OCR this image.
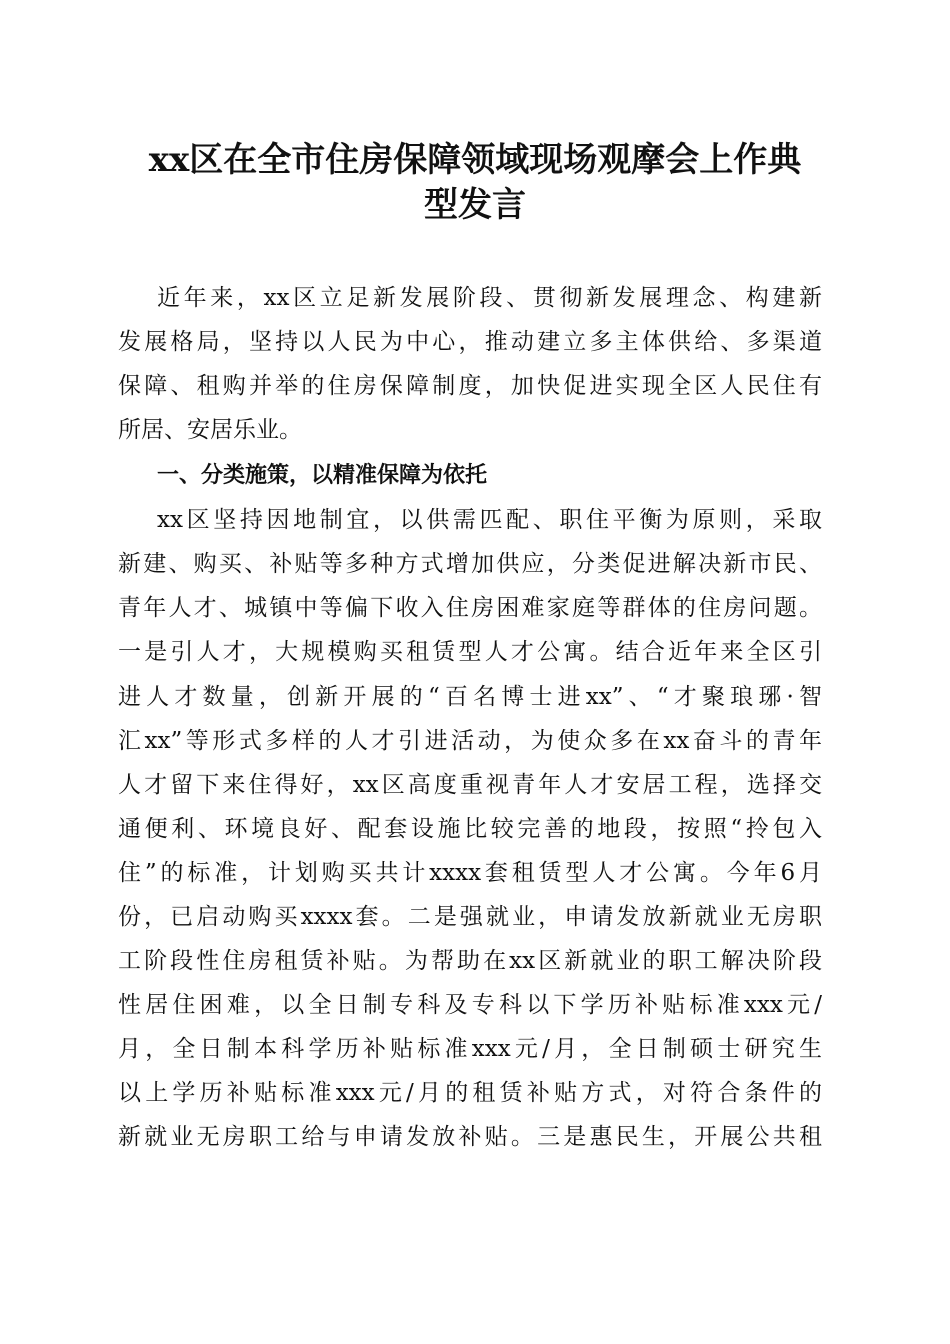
xx区在全市住房保障领域现场观摩会上作典
型发言
近年来，xx区立足新发展阶段、贯彻新发展理念、构建新
发展格局，坚持以人民为中心，推动建立多主体供给、多渠道
保障、租购并举的住房保障制度，加快促进实现全区人民住有
所居、安居乐业。
一、分类施策，以精准保障为依托
xx区坚持因地制宜，以供需匹配、职住平衡为原则，采取
新建、购买、补贴等多种方式增加供应，分类促进解决新市民、
青年人才、城镇中等偏下收入住房困难家庭等群体的住房问题。
一是引人才，大规模购买租赁型人才公寓。结合近年来全区引
进人才数量，创新开展的“百名博士进xx”、“才聚琅琊·智
汇xx”等形式多样的人才引进活动，为使众多在xx奋斗的青年
人才留下来住得好，xx区高度重视青年人才安居工程，选择交
通便利、环境良好、配套设施比较完善的地段，按照“拎包入
住”的标准，计划购买共计xxxx套租赁型人才公寓。今年6月
份，已启动购买xxxx套。二是强就业，申请发放新就业无房职
工阶段性住房租赁补贴。为帮助在xx区新就业的职工解决阶段
性居住困难，以全日制专科及专科以下学历补贴标准xxx元/
月，全日制本科学历补贴标准xxx元/月，全日制硕士研究生
以上学历补贴标准xxx元/月的租赁补贴方式，对符合条件的
新就业无房职工给与申请发放补贴。三是惠民生，开展公共租
